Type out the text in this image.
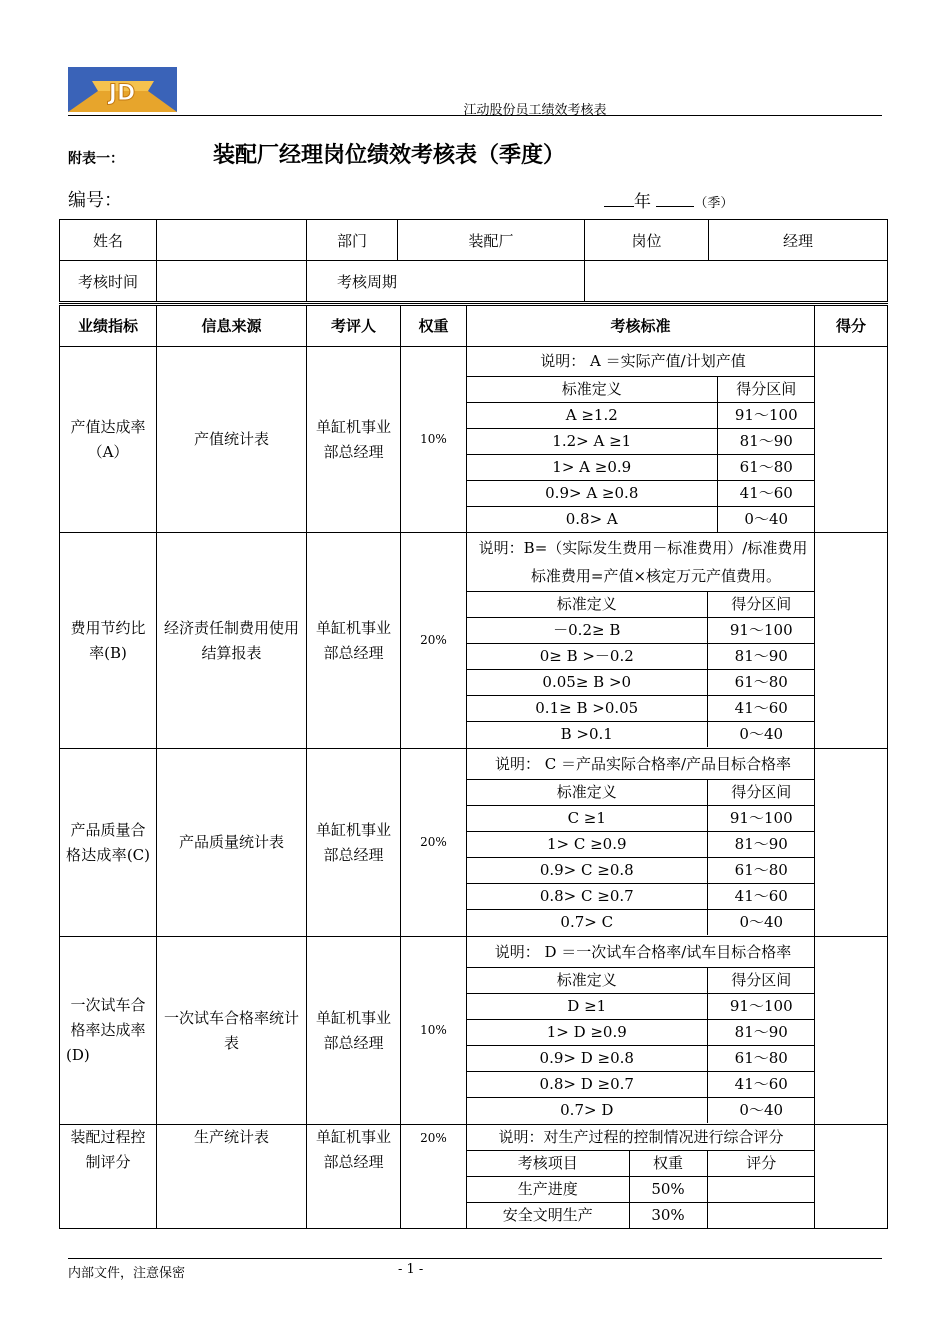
JD
江动股份员工绩效考核表
附表一：	装配厂经理岗位绩效考核表（季度）
编号：	年	（季）
姓名		部门	装配厂	岗位	经理
考核时间		考核周期			
业绩指标	信息来源	考评人	权重	考核标准	得分
产值达成率（A）	产值统计表	单缸机事业部总经理	10%	
说明： A ＝实际产值/计划产值
标准定义	得分区间
A ≥1.2	91～100
1.2> A ≥1	81～90
1> A ≥0.9	61～80
0.9> A ≥0.8	41～60
0.8> A	0～40

费用节约比率(B)	经济责任制费用使用结算报表	单缸机事业部总经理	20%	
说明：B=（实际发生费用－标准费用）/标准费用
标准费用=产值×核定万元产值费用。
标准定义	得分区间
－0.2≥ B	91～100
0≥ B >－0.2	81～90
0.05≥ B >0	61～80
0.1≥ B >0.05	41～60
B >0.1	0～40

产品质量合格达成率(C)	产品质量统计表	单缸机事业部总经理	20%	
说明： C ＝产品实际合格率/产品目标合格率
标准定义	得分区间
C ≥1	91～100
1> C ≥0.9	81～90
0.9> C ≥0.8	61～80
0.8> C ≥0.7	41～60
0.7> C	0～40

一次试车合格率达成率(D)	一次试车合格率统计表	单缸机事业部总经理	10%	
说明： D ＝一次试车合格率/试车目标合格率
标准定义	得分区间
D ≥1	91～100
1> D ≥0.9	81～90
0.9> D ≥0.8	61～80
0.8> D ≥0.7	41～60
0.7> D	0～40

装配过程控制评分	生产统计表	单缸机事业部总经理	20%		说明：对生产过程的控制情况进行综合评分
考核项目	权重	评分
生产进度	50%	
安全文明生产	30%	

内部文件，注意保密	- 1 -
